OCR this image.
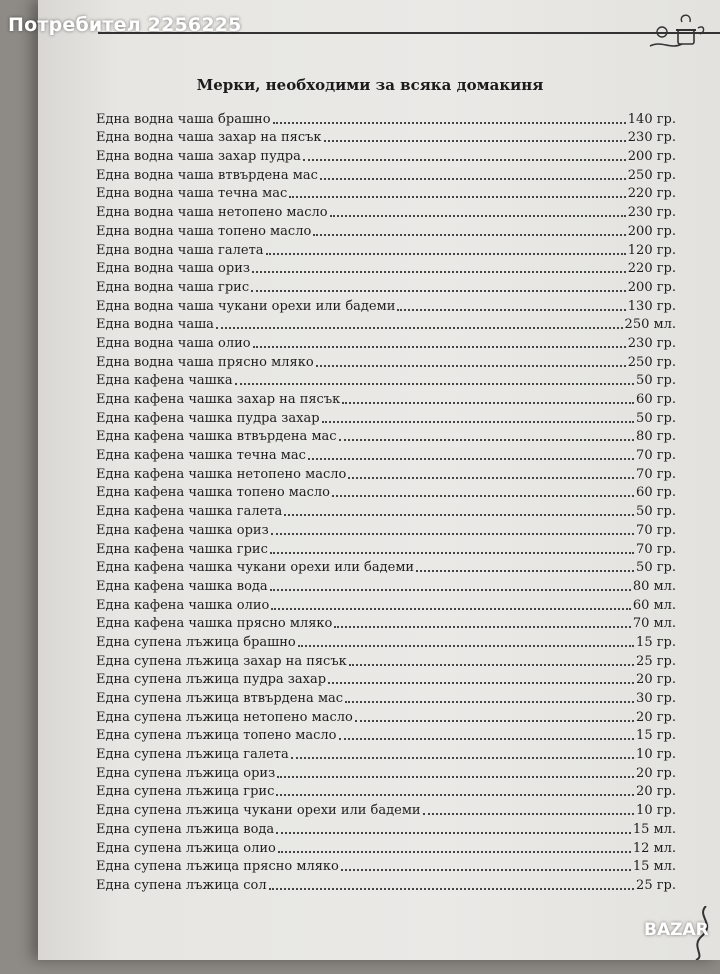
Потребител 2256225
Мерки, необходими за всяка домакиня
Една водна чаша брашно	140 гр.
Една водна чаша захар на пясък	230 гр.
Една водна чаша захар пудра	200 гр.
Една водна чаша втвърдена мас	250 гр.
Една водна чаша течна мас	220 гр.
Една водна чаша нетопено масло	230 гр.
Една водна чаша топено масло	200 гр.
Една водна чаша галета	120 гр.
Една водна чаша ориз	220 гр.
Една водна чаша грис	200 гр.
Една водна чаша чукани орехи или бадеми	130 гр.
Една водна чаша	250 мл.
Една водна чаша олио	230 гр.
Една водна чаша прясно мляко	250 гр.
Една кафена чашка	50 гр.
Една кафена чашка захар на пясък	60 гр.
Една кафена чашка пудра захар	50 гр.
Една кафена чашка втвърдена мас	80 гр.
Една кафена чашка течна мас	70 гр.
Една кафена чашка нетопено масло	70 гр.
Една кафена чашка топено масло	60 гр.
Една кафена чашка галета	50 гр.
Една кафена чашка ориз	70 гр.
Една кафена чашка грис	70 гр.
Една кафена чашка чукани орехи или бадеми	50 гр.
Една кафена чашка вода	80 мл.
Една кафена чашка олио	60 мл.
Една кафена чашка прясно мляко	70 мл.
Една супена лъжица брашно	15 гр.
Една супена лъжица захар на пясък	25 гр.
Една супена лъжица пудра захар	20 гр.
Една супена лъжица втвърдена мас	30 гр.
Една супена лъжица нетопено масло	20 гр.
Една супена лъжица топено масло	15 гр.
Една супена лъжица галета	10 гр.
Една супена лъжица ориз	20 гр.
Една супена лъжица грис	20 гр.
Една супена лъжица чукани орехи или бадеми	10 гр.
Една супена лъжица вода	15 мл.
Една супена лъжица олио	12 мл.
Една супена лъжица прясно мляко	15 мл.
Една супена лъжица сол	25 гр.
BAZAR
